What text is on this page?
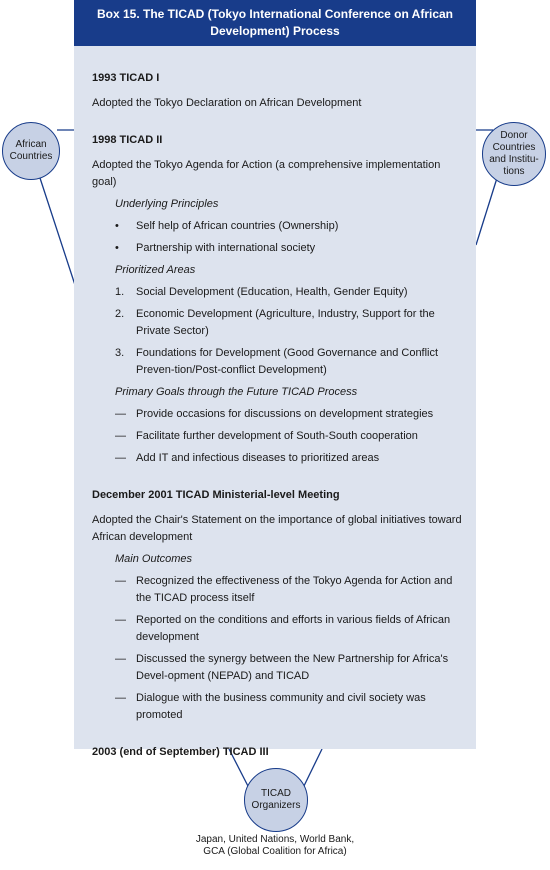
Box 15. The TICAD (Tokyo International Conference on African
Development) Process

1993 TICAD I

Adopted the Tokyo Declaration on African Development

1998 TICAD II

Adopted the Tokyo Agenda for Action (a comprehensive implementation goal)

Underlying Principles

• Self help of African countries (Ownership)
• Partnership with international society

Prioritized Areas

1. Social Development (Education, Health, Gender Equity)
2. Economic Development (Agriculture, Industry, Support for the Private Sector)
3. Foundations for Development (Good Governance and Conflict Preven-tion/Post-conflict Development)

Primary Goals through the Future TICAD Process

— Provide occasions for discussions on development strategies
— Facilitate further development of South-South cooperation
— Add IT and infectious diseases to prioritized areas

December 2001 TICAD Ministerial-level Meeting

Adopted the Chair's Statement on the importance of global initiatives toward African development

Main Outcomes

— Recognized the effectiveness of the Tokyo Agenda for Action and the TICAD process itself
— Reported on the conditions and efforts in various fields of African development
— Discussed the synergy between the New Partnership for Africa's Devel-opment (NEPAD) and TICAD
— Dialogue with the business community and civil society was promoted

2003 (end of September) TICAD III

African
Countries
Donor
Countries
and Institu-
tions
TICAD
Organizers
Japan, United Nations, World Bank,
GCA (Global Coalition for Africa)
